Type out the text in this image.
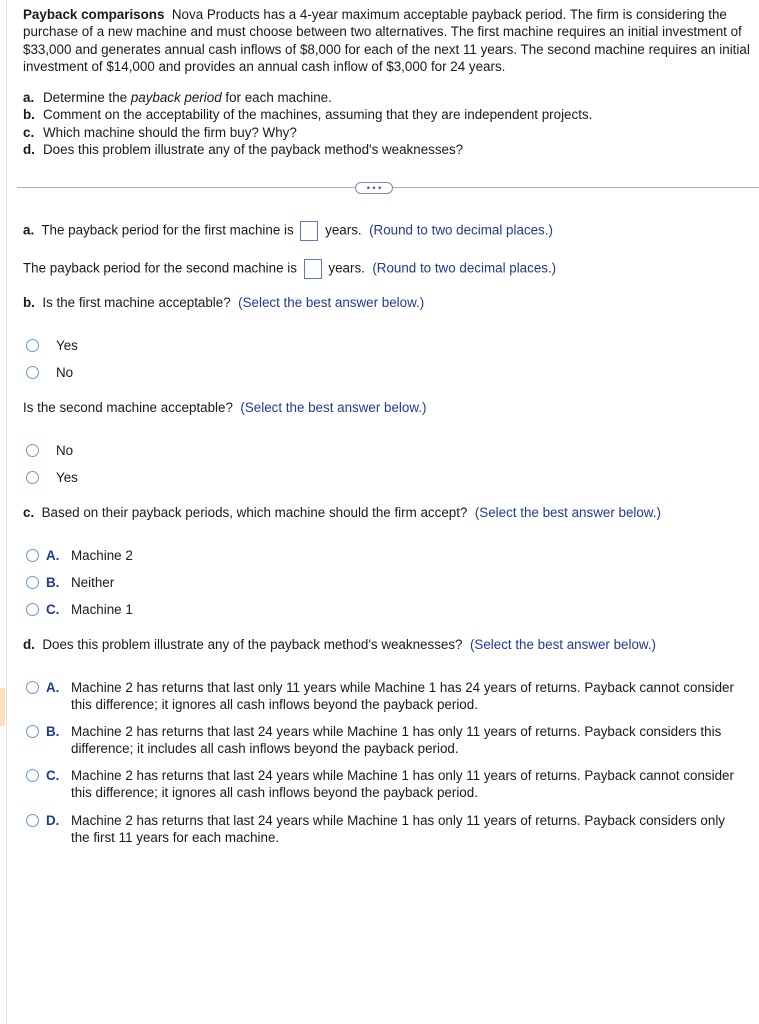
Payback comparisons Nova Products has a 4-year maximum acceptable payback period. The firm is considering the purchase of a new machine and must choose between two alternatives. The first machine requires an initial investment of $33,000 and generates annual cash inflows of $8,000 for each of the next 11 years. The second machine requires an initial investment of $14,000 and provides an annual cash inflow of $3,000 for 24 years.
a. Determine the payback period for each machine.
b. Comment on the acceptability of the machines, assuming that they are independent projects.
c. Which machine should the firm buy? Why?
d. Does this problem illustrate any of the payback method's weaknesses?
• • •
a. The payback period for the first machine is years. (Round to two decimal places.)
The payback period for the second machine is years. (Round to two decimal places.)
b. Is the first machine acceptable? (Select the best answer below.)
Yes
No
Is the second machine acceptable? (Select the best answer below.)
No
Yes
c. Based on their payback periods, which machine should the firm accept? (Select the best answer below.)
A. Machine 2
B. Neither
C. Machine 1
d. Does this problem illustrate any of the payback method's weaknesses? (Select the best answer below.)
A. Machine 2 has returns that last only 11 years while Machine 1 has 24 years of returns. Payback cannot consider this difference; it ignores all cash inflows beyond the payback period.
B. Machine 2 has returns that last 24 years while Machine 1 has only 11 years of returns. Payback considers this difference; it includes all cash inflows beyond the payback period.
C. Machine 2 has returns that last 24 years while Machine 1 has only 11 years of returns. Payback cannot consider this difference; it ignores all cash inflows beyond the payback period.
D. Machine 2 has returns that last 24 years while Machine 1 has only 11 years of returns. Payback considers only the first 11 years for each machine.
